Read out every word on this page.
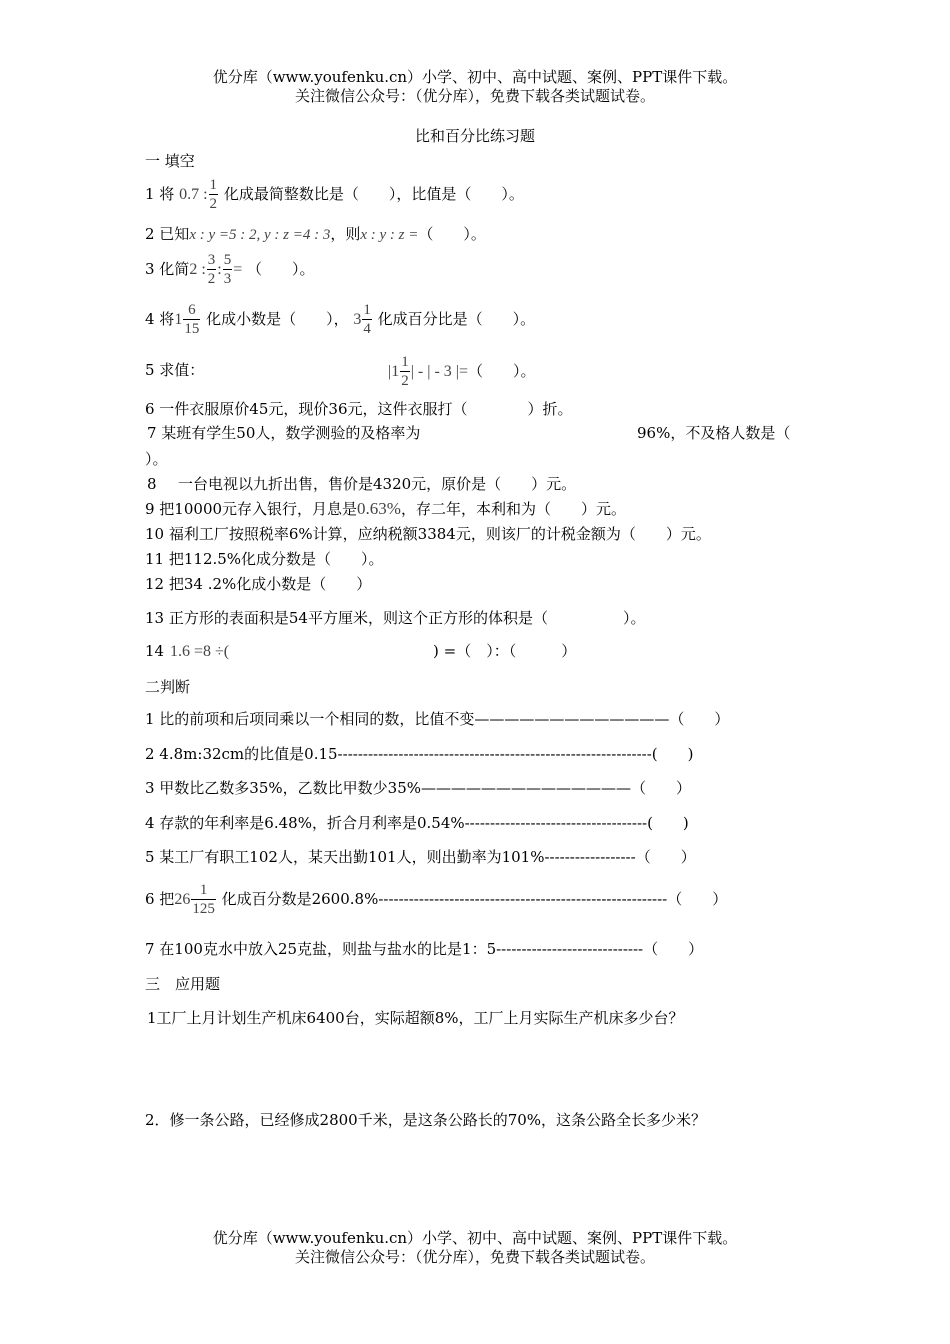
优分库（www.youfenku.cn）小学、初中、高中试题、案例、PPT课件下载。
关注微信公众号：（优分库），免费下载各类试题试卷。
比和百分比练习题
一 填空
1 将 0.7 : $\frac{1}{2}$ 化成最简整数比是（　　），比值是（　　）。
2 已知x : y =5 : 2, y : z =4 : 3，则x : y : z =（　　）。
3 化简2 : $\frac{3}{2}$ : $\frac{5}{3}$ = （　　）。
4 将$1 \frac{6}{15}$ 化成小数是（　　）， $3 \frac{1}{4}$ 化成百分比是（　　）。
5 求值：	$|1 \frac{1}{2}$ | - | - 3 |=（　　）。
6 一件衣服原价45元，现价36元，这件衣服打（　　　　）折。
7 某班有学生50人，数学测验的及格率为	96%，不及格人数是（
）。
8 一台电视以九折出售，售价是4320元，原价是（　　）元。
9 把10000元存入银行，月息是0.63%，存二年，本利和为（　　）元。
10 福利工厂按照税率6%计算，应纳税额3384元，则该厂的计税金额为（　　）元。
11 把112.5%化成分数是（　　）。
12 把34 .2%化成小数是（　　）
13 正方形的表面积是54平方厘米，则这个正方形的体积是（　　　　　）。
14 1.6 =8 ÷(	) =（　）：（　　　）
二判断
1 比的前项和后项同乘以一个相同的数，比值不变—————————————（　　）
2 4.8m:32cm的比值是0.15--------------------------------------------------------------(　　)
3 甲数比乙数多35%，乙数比甲数少35%——————————————（　　）
4 存款的年利率是6.48%，折合月利率是0.54%------------------------------------(　　)
5 某工厂有职工102人，某天出勤101人，则出勤率为101%------------------（　　）
6 把$26 \frac{1}{125}$ 化成百分数是2600.8%---------------------------------------------------------（　　）
7 在100克水中放入25克盐，则盐与盐水的比是1：5-----------------------------（　　）
三　应用题
1工厂上月计划生产机床6400台，实际超额8%，工厂上月实际生产机床多少台？
2．修一条公路，已经修成2800千米，是这条公路长的70%，这条公路全长多少米？
优分库（www.youfenku.cn）小学、初中、高中试题、案例、PPT课件下载。
关注微信公众号：（优分库），免费下载各类试题试卷。
